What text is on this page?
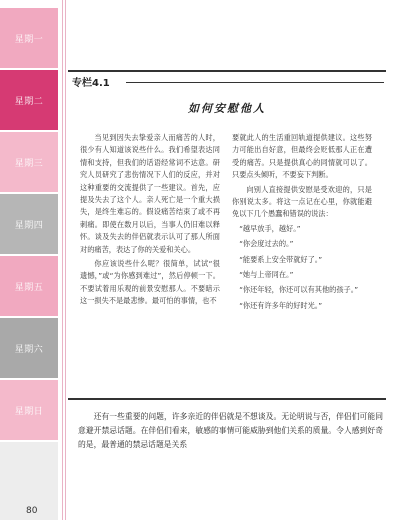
星期一
星期二
星期三
星期四
星期五
星期六
星期日
80
专栏4.1
如何安慰他人

当见到因失去挚爱亲人而痛苦的人时，很少有人知道该说些什么。我们希望表达同情和支持，但我们的话语经常词不达意。研究人员研究了悲伤情况下人们的反应，并对这种重要的交流提供了一些建议。首先，应提及失去了这个人。亲人死亡是一个重大损失，是终生难忘的。假设痛苦结束了或不再刺痛。即使在数月以后，当事人仍旧难以释怀。谈及失去的伴侣就表示认可了那人所面对的痛苦，表达了你的关爱和关心。

你应该说些什么呢？很简单，试试“很遗憾，”或“为你感到难过”，然后停顿一下。不要试着用乐观的前景安慰那人。不要暗示这一损失不是最悲惨。最可怕的事情，也不

要就此人的生活重回轨道提供建议。这些努力可能出自好意，但最终会贬低那人正在遭受的痛苦。只是提供真心的同情就可以了。只要点头倾听，不要妄下判断。

向别人直接提供安慰是受欢迎的，只是你别说太多。将这一点记在心里，你就能避免以下几个愚蠢和错误的说法：

“越早放手，越好。”
“你会度过去的。”
“能要系上安全带就好了。”
“她与上帝同在。”
“你还年轻，你还可以有其他的孩子。”
“你还有许多年的好时光。”

还有一些重要的问题，许多亲近的伴侣就是不想谈及。无论明说与否，伴侣们可能同意避开禁忌话题。在伴侣们看来，敏感的事情可能威胁到他们关系的质量。令人感到好奇的是，最普通的禁忌话题是关系
